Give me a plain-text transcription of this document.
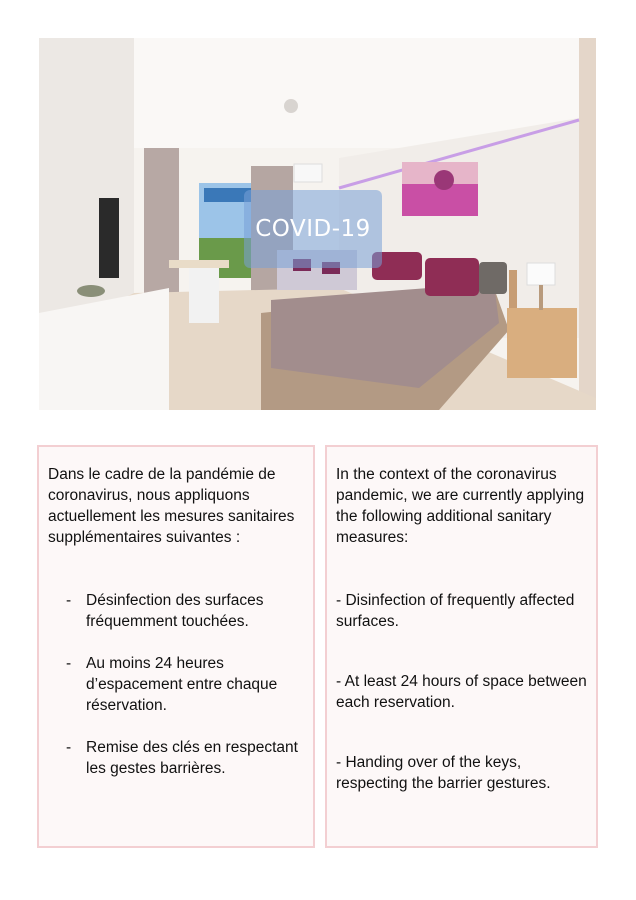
COVID-19

Dans le cadre de la pandémie de coronavirus, nous appliquons actuellement les mesures sanitaires supplémentaires suivantes :

- Désinfection des surfaces fréquemment touchées.
- Au moins 24 heures d’espacement entre chaque réservation.
- Remise des clés en respectant les gestes barrières.

In the context of the coronavirus pandemic, we are currently applying the following additional sanitary measures:

- Disinfection of frequently affected surfaces.

- At least 24 hours of space between each reservation.

- Handing over of the keys, respecting the barrier gestures.
